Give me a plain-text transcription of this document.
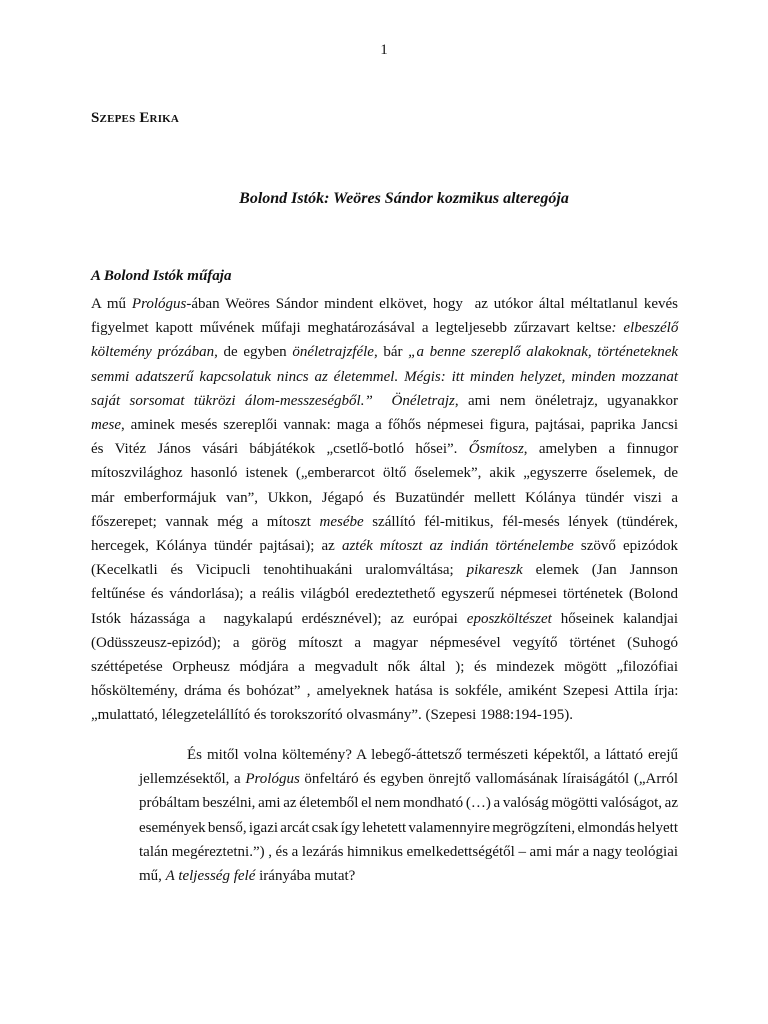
1
Szepes Erika
Bolond Istók: Weöres Sándor kozmikus alteregója
A Bolond Istók műfaja
A mű Prológus-ában Weöres Sándor mindent elkövet, hogy  az utókor által méltatlanul kevés
figyelmet kapott művének műfaji meghatározásával a legteljesebb zűrzavart keltse: elbeszélő
költemény prózában, de egyben önéletrajzféle, bár „a benne szereplő alakoknak, történeteknek
semmi adatszerű kapcsolatuk nincs az életemmel. Mégis: itt minden helyzet, minden mozzanat
saját sorsomat tükrözi álom-messzeségből.” Önéletrajz, ami nem önéletrajz, ugyanakkor
mese, aminek mesés szereplői vannak: maga a főhős népmesei figura, pajtásai, paprika Jancsi
és Vitéz János vásári bábjátékok „csetlő-botló hősei”. Ősmítosz, amelyben a finnugor
mítoszvilághoz hasonló istenek („emberarcot öltő őselemek”, akik „egyszerre őselemek, de
már emberformájuk van”, Ukkon, Jégapó és Buzatündér mellett Kólánya tündér viszi a
főszerepet; vannak még a mítoszt mesébe szállító fél-mitikus, fél-mesés lények (tündérek,
hercegek, Kólánya tündér pajtásai); az azték mítoszt az indián történelembe szövő epizódok
(Kecelkatli és Vicipucli tenohtihuakáni uralomváltása; pikareszk elemek (Jan Jannson
feltűnése és vándorlása); a reális világból eredeztethető egyszerű népmesei történetek (Bolond
Istók házassága a  nagykalapú erdésznével); az európai eposzköltészet hőseinek kalandjai
(Odüsszeusz-epizód); a görög mítoszt a magyar népmesével vegyítő történet (Suhogó
széttépetése Orpheusz módjára a megvadult nők által ); és mindezek mögött „filozófiai
hősköltemény, dráma és bohózat” , amelyeknek hatása is sokféle, amiként Szepesi Attila írja:
„mulattató, lélegzetelállító és torokszorító olvasmány”. (Szepesi 1988:194-195).
És mitől volna költemény? A lebegő-áttetsző természeti képektől, a láttató erejű
jellemzésektől, a Prológus önfeltáró és egyben önrejtő vallomásának líraiságától („Arról
próbáltam beszélni, ami az életemből el nem mondható (…) a valóság mögötti valóságot, az
események benső, igazi arcát csak így lehetett valamennyire megrögzíteni, elmondás helyett
talán megéreztetni.”) , és a lezárás himnikus emelkedettségétől – ami már a nagy teológiai
mű, A teljesség felé irányába mutat?
